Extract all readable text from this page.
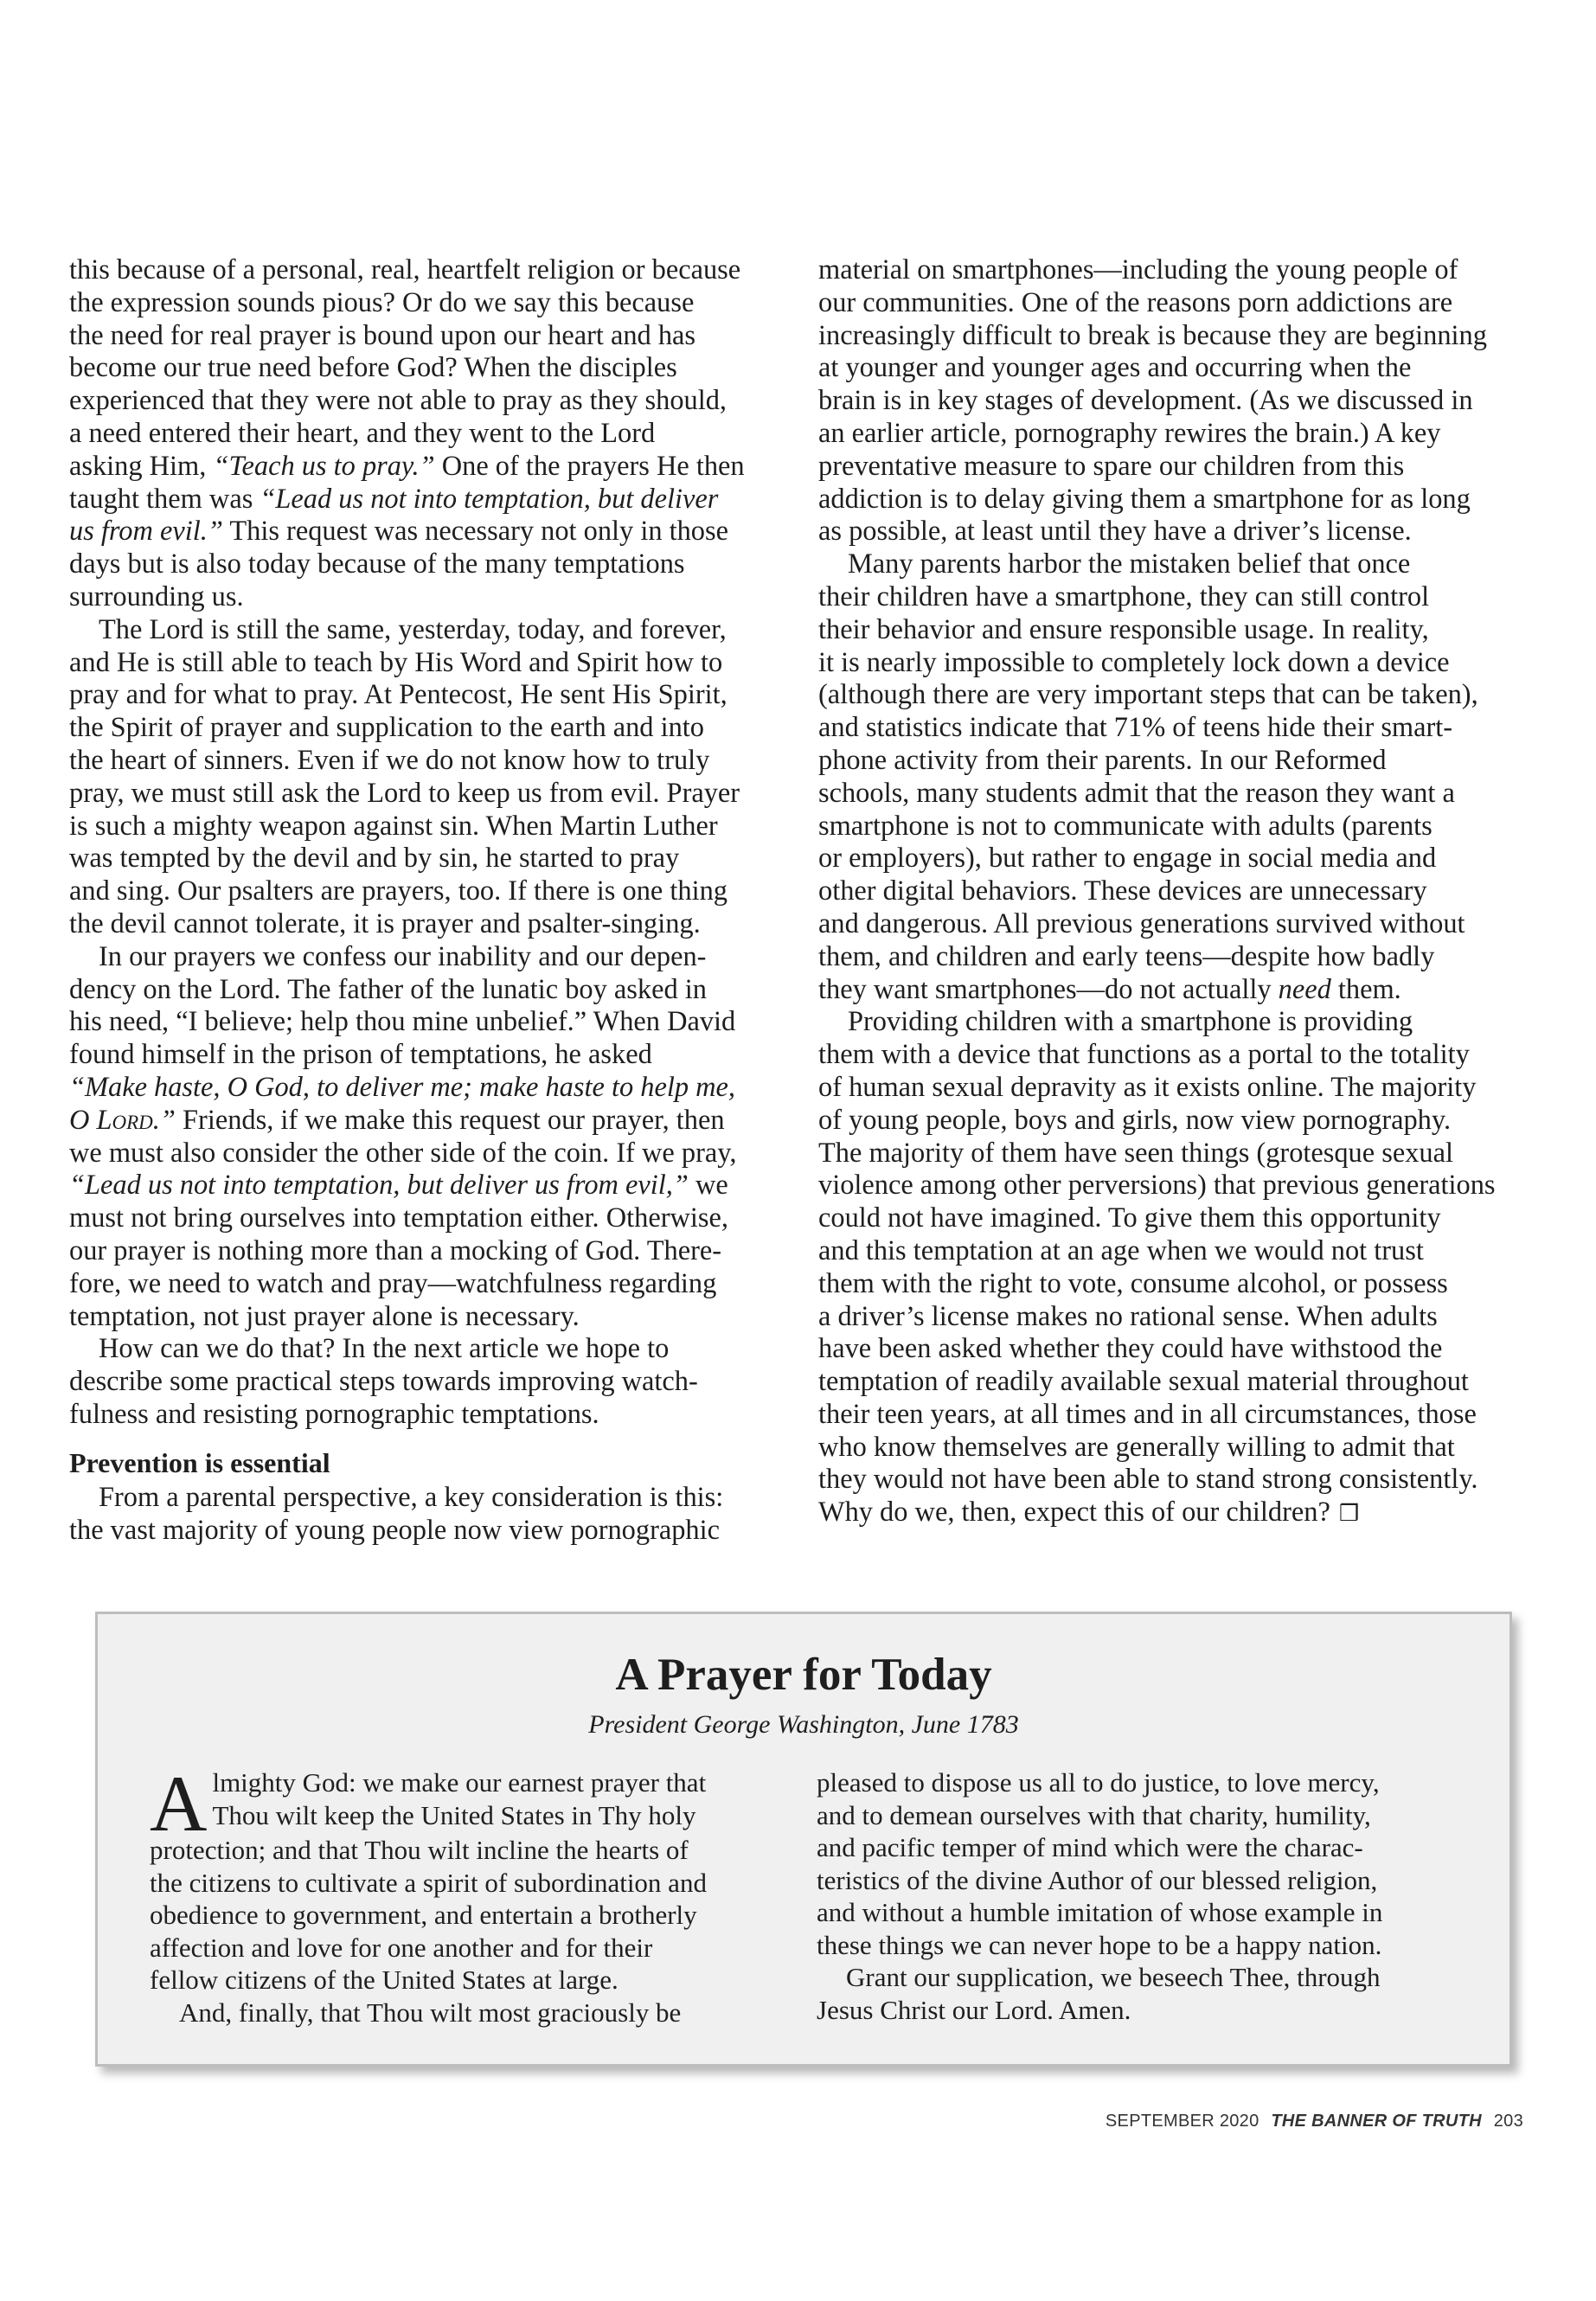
this because of a personal, real, heartfelt religion or because
the expression sounds pious? Or do we say this because
the need for real prayer is bound upon our heart and has
become our true need before God? When the disciples
experienced that they were not able to pray as they should,
a need entered their heart, and they went to the Lord
asking Him, “Teach us to pray.” One of the prayers He then
taught them was “Lead us not into temptation, but deliver
us from evil.” This request was necessary not only in those
days but is also today because of the many temptations
surrounding us.
The Lord is still the same, yesterday, today, and forever,
and He is still able to teach by His Word and Spirit how to
pray and for what to pray. At Pentecost, He sent His Spirit,
the Spirit of prayer and supplication to the earth and into
the heart of sinners. Even if we do not know how to truly
pray, we must still ask the Lord to keep us from evil. Prayer
is such a mighty weapon against sin. When Martin Luther
was tempted by the devil and by sin, he started to pray
and sing. Our psalters are prayers, too. If there is one thing
the devil cannot tolerate, it is prayer and psalter-singing.
In our prayers we confess our inability and our depen-
dency on the Lord. The father of the lunatic boy asked in
his need, “I believe; help thou mine unbelief.” When David
found himself in the prison of temptations, he asked
“Make haste, O God, to deliver me; make haste to help me,
O Lord.” Friends, if we make this request our prayer, then
we must also consider the other side of the coin. If we pray,
“Lead us not into temptation, but deliver us from evil,” we
must not bring ourselves into temptation either. Otherwise,
our prayer is nothing more than a mocking of God. There-
fore, we need to watch and pray—watchfulness regarding
temptation, not just prayer alone is necessary.
How can we do that? In the next article we hope to
describe some practical steps towards improving watch-
fulness and resisting pornographic temptations.
Prevention is essential
From a parental perspective, a key consideration is this:
the vast majority of young people now view pornographic
material on smartphones—including the young people of
our communities. One of the reasons porn addictions are
increasingly difficult to break is because they are beginning
at younger and younger ages and occurring when the
brain is in key stages of development. (As we discussed in
an earlier article, pornography rewires the brain.) A key
preventative measure to spare our children from this
addiction is to delay giving them a smartphone for as long
as possible, at least until they have a driver’s license.
Many parents harbor the mistaken belief that once
their children have a smartphone, they can still control
their behavior and ensure responsible usage. In reality,
it is nearly impossible to completely lock down a device
(although there are very important steps that can be taken),
and statistics indicate that 71% of teens hide their smart-
phone activity from their parents. In our Reformed
schools, many students admit that the reason they want a
smartphone is not to communicate with adults (parents
or employers), but rather to engage in social media and
other digital behaviors. These devices are unnecessary
and dangerous. All previous generations survived without
them, and children and early teens—despite how badly
they want smartphones—do not actually need them.
Providing children with a smartphone is providing
them with a device that functions as a portal to the totality
of human sexual depravity as it exists online. The majority
of young people, boys and girls, now view pornography.
The majority of them have seen things (grotesque sexual
violence among other perversions) that previous generations
could not have imagined. To give them this opportunity
and this temptation at an age when we would not trust
them with the right to vote, consume alcohol, or possess
a driver’s license makes no rational sense. When adults
have been asked whether they could have withstood the
temptation of readily available sexual material throughout
their teen years, at all times and in all circumstances, those
who know themselves are generally willing to admit that
they would not have been able to stand strong consistently.
Why do we, then, expect this of our children? ❒
A Prayer for Today
President George Washington, June 1783
A lmighty God: we make our earnest prayer that
Thou wilt keep the United States in Thy holy
protection; and that Thou wilt incline the hearts of
the citizens to cultivate a spirit of subordination and
obedience to government, and entertain a brotherly
affection and love for one another and for their
fellow citizens of the United States at large.
And, finally, that Thou wilt most graciously be
pleased to dispose us all to do justice, to love mercy,
and to demean ourselves with that charity, humility,
and pacific temper of mind which were the charac-
teristics of the divine Author of our blessed religion,
and without a humble imitation of whose example in
these things we can never hope to be a happy nation.
Grant our supplication, we beseech Thee, through
Jesus Christ our Lord. Amen.
SEPTEMBER 2020 THE BANNER OF TRUTH 203
